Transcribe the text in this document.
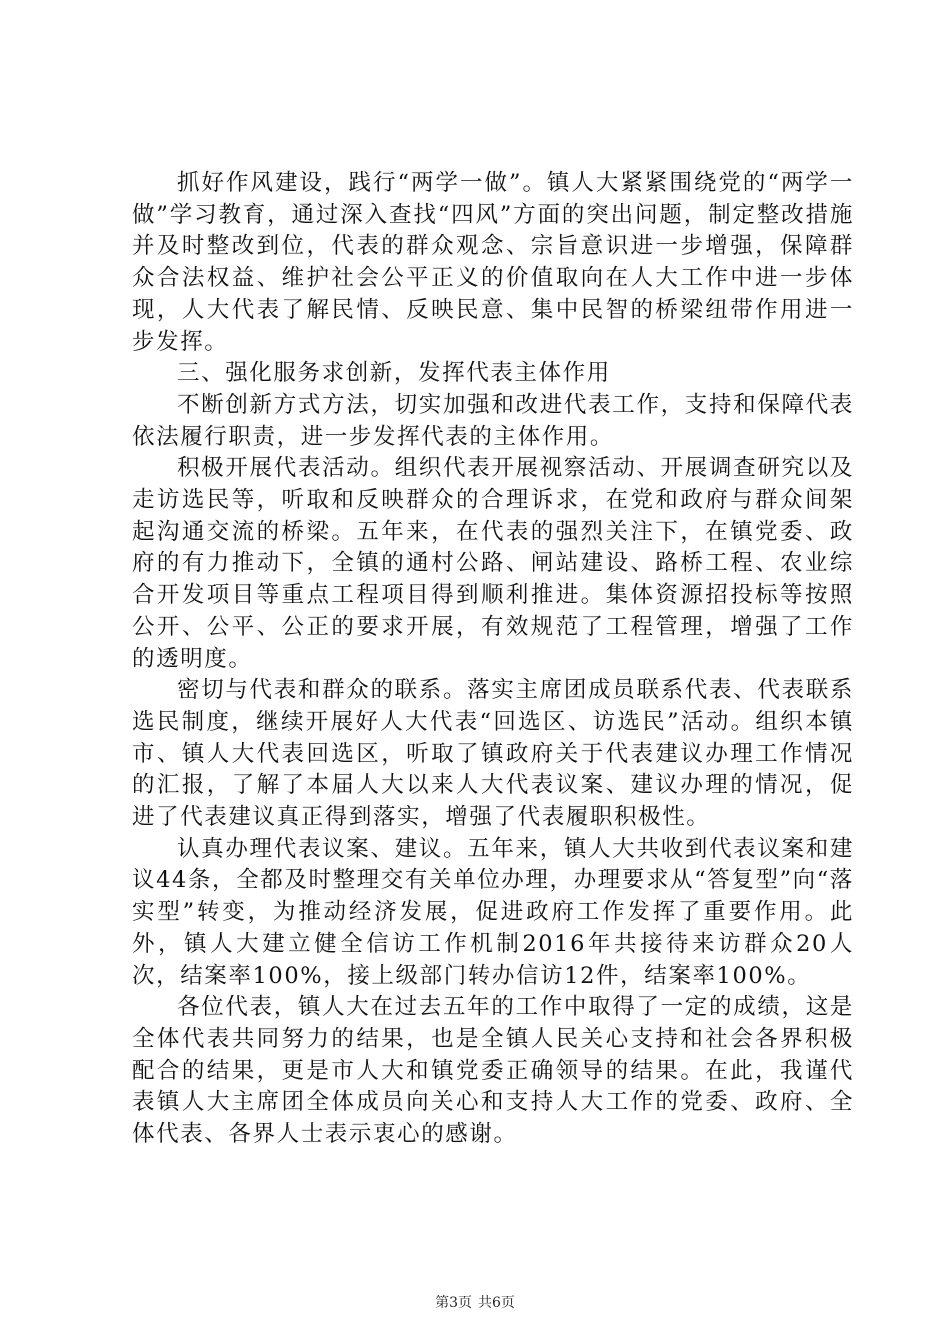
抓好作风建设，践行“两学一做”。镇人大紧紧围绕党的“两学一做”学习教育，通过深入查找“四风”方面的突出问题，制定整改措施并及时整改到位，代表的群众观念、宗旨意识进一步增强，保障群众合法权益、维护社会公平正义的价值取向在人大工作中进一步体现，人大代表了解民情、反映民意、集中民智的桥梁纽带作用进一步发挥。

三、强化服务求创新，发挥代表主体作用

不断创新方式方法，切实加强和改进代表工作，支持和保障代表依法履行职责，进一步发挥代表的主体作用。

积极开展代表活动。组织代表开展视察活动、开展调查研究以及走访选民等，听取和反映群众的合理诉求，在党和政府与群众间架起沟通交流的桥梁。五年来，在代表的强烈关注下，在镇党委、政府的有力推动下，全镇的通村公路、闸站建设、路桥工程、农业综合开发项目等重点工程项目得到顺利推进。集体资源招投标等按照公开、公平、公正的要求开展，有效规范了工程管理，增强了工作的透明度。

密切与代表和群众的联系。落实主席团成员联系代表、代表联系选民制度，继续开展好人大代表“回选区、访选民”活动。组织本镇市、镇人大代表回选区，听取了镇政府关于代表建议办理工作情况的汇报，了解了本届人大以来人大代表议案、建议办理的情况，促进了代表建议真正得到落实，增强了代表履职积极性。

认真办理代表议案、建议。五年来，镇人大共收到代表议案和建议44条，全都及时整理交有关单位办理，办理要求从“答复型”向“落实型”转变，为推动经济发展，促进政府工作发挥了重要作用。此外，镇人大建立健全信访工作机制2016年共接待来访群众20人次，结案率100%，接上级部门转办信访12件，结案率100%。

各位代表，镇人大在过去五年的工作中取得了一定的成绩，这是全体代表共同努力的结果，也是全镇人民关心支持和社会各界积极配合的结果，更是市人大和镇党委正确领导的结果。在此，我谨代表镇人大主席团全体成员向关心和支持人大工作的党委、政府、全体代表、各界人士表示衷心的感谢。

第3页 共6页
